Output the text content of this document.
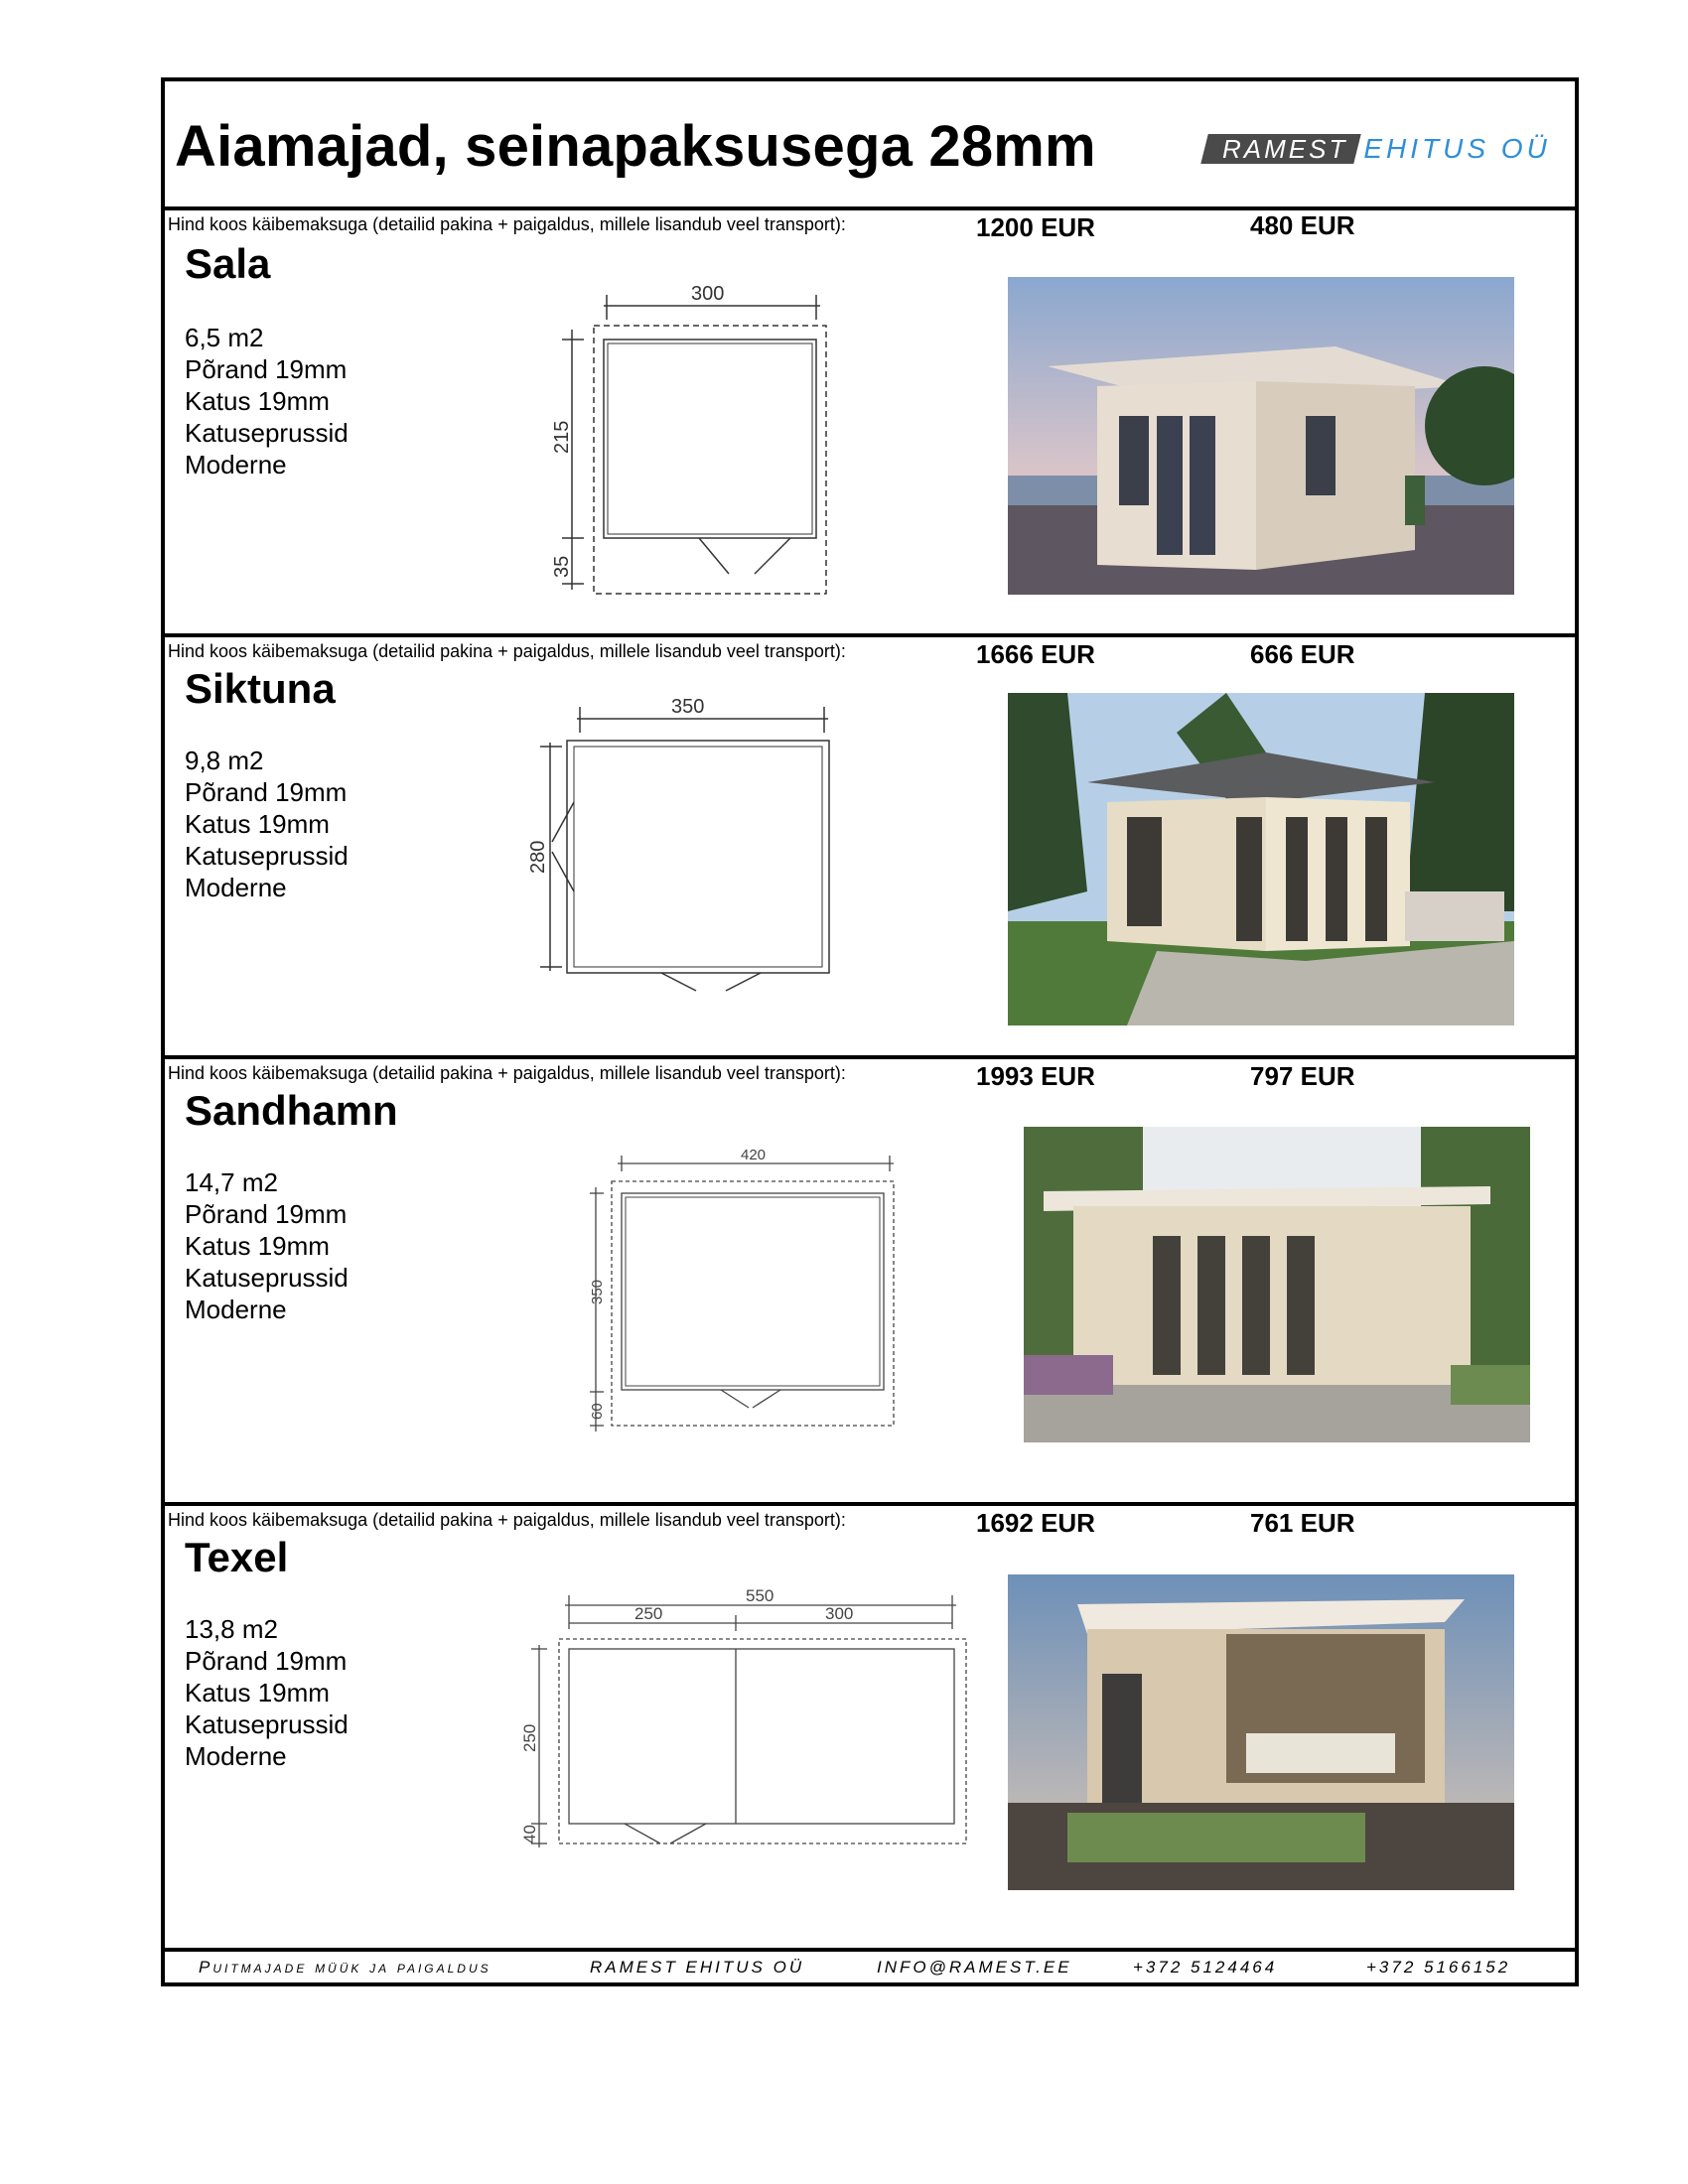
Aiamajad, seinapaksusega 28mm	RAMEST EHITUS OÜ
Hind koos käibemaksuga (detailid pakina + paigaldus, millele lisandub veel transport):	1200 EUR	480 EUR
Sala
6,5 m2
Põrand 19mm
Katus 19mm
Katuseprussid
Moderne
300
215
35
Hind koos käibemaksuga (detailid pakina + paigaldus, millele lisandub veel transport):	1666 EUR	666 EUR
Siktuna
9,8 m2
Põrand 19mm
Katus 19mm
Katuseprussid
Moderne
350
280
Hind koos käibemaksuga (detailid pakina + paigaldus, millele lisandub veel transport):	1993 EUR	797 EUR
Sandhamn
14,7 m2
Põrand 19mm
Katus 19mm
Katuseprussid
Moderne
420
350
60
Hind koos käibemaksuga (detailid pakina + paigaldus, millele lisandub veel transport):	1692 EUR	761 EUR
Texel
13,8 m2
Põrand 19mm
Katus 19mm
Katuseprussid
Moderne
550
250	300
250
40
Puitmajade müük ja paigaldus	RAMEST EHITUS OÜ	INFO@RAMEST.EE	+372 5124464	+372 5166152
